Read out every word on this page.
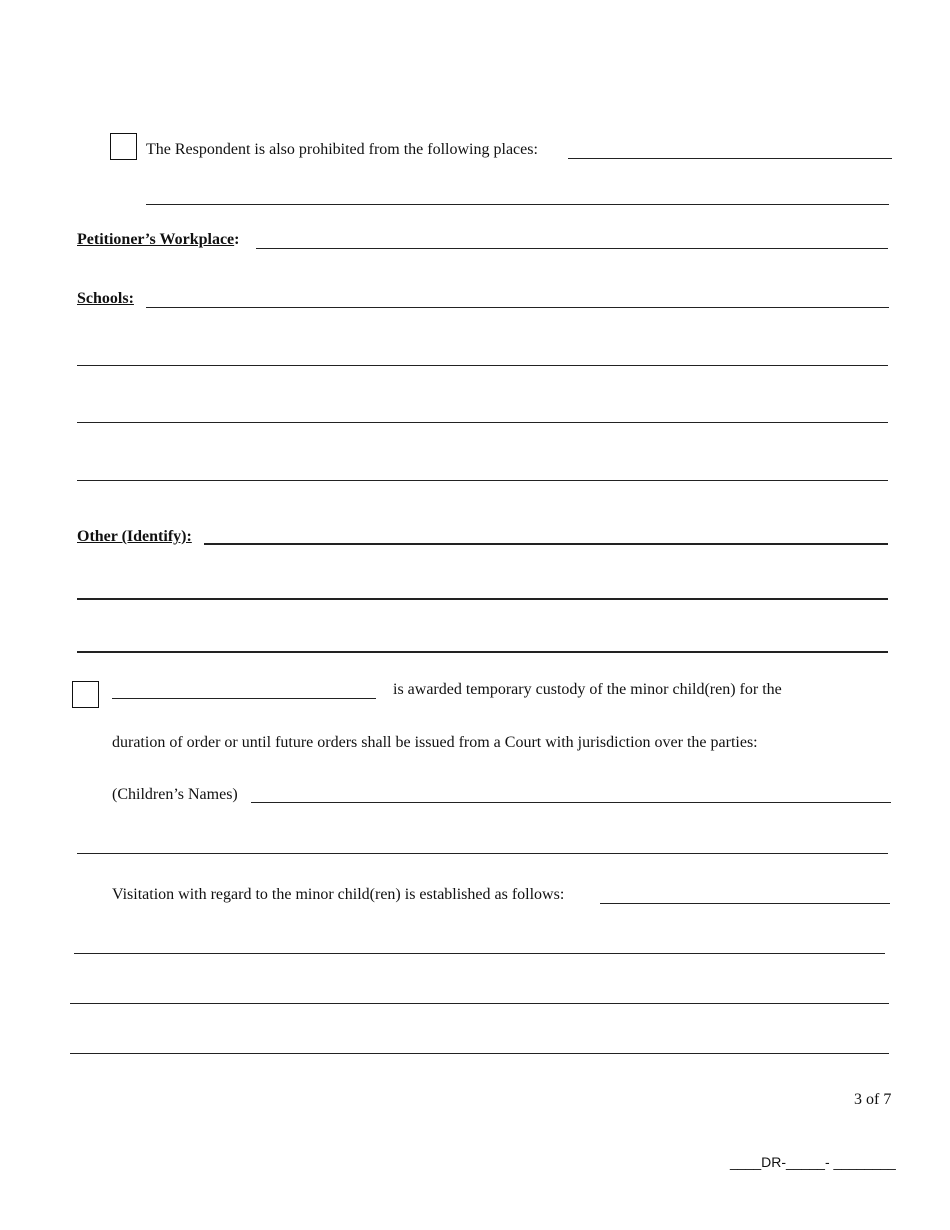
The Respondent is also prohibited from the following places:
Petitioner’s Workplace:
Schools:
Other (Identify):
is awarded temporary custody of the minor child(ren) for the
duration of order or until future orders shall be issued from a Court with jurisdiction over the parties:
(Children’s Names)
Visitation with regard to the minor child(ren) is established as follows:
3 of 7
____DR-_____- ________
